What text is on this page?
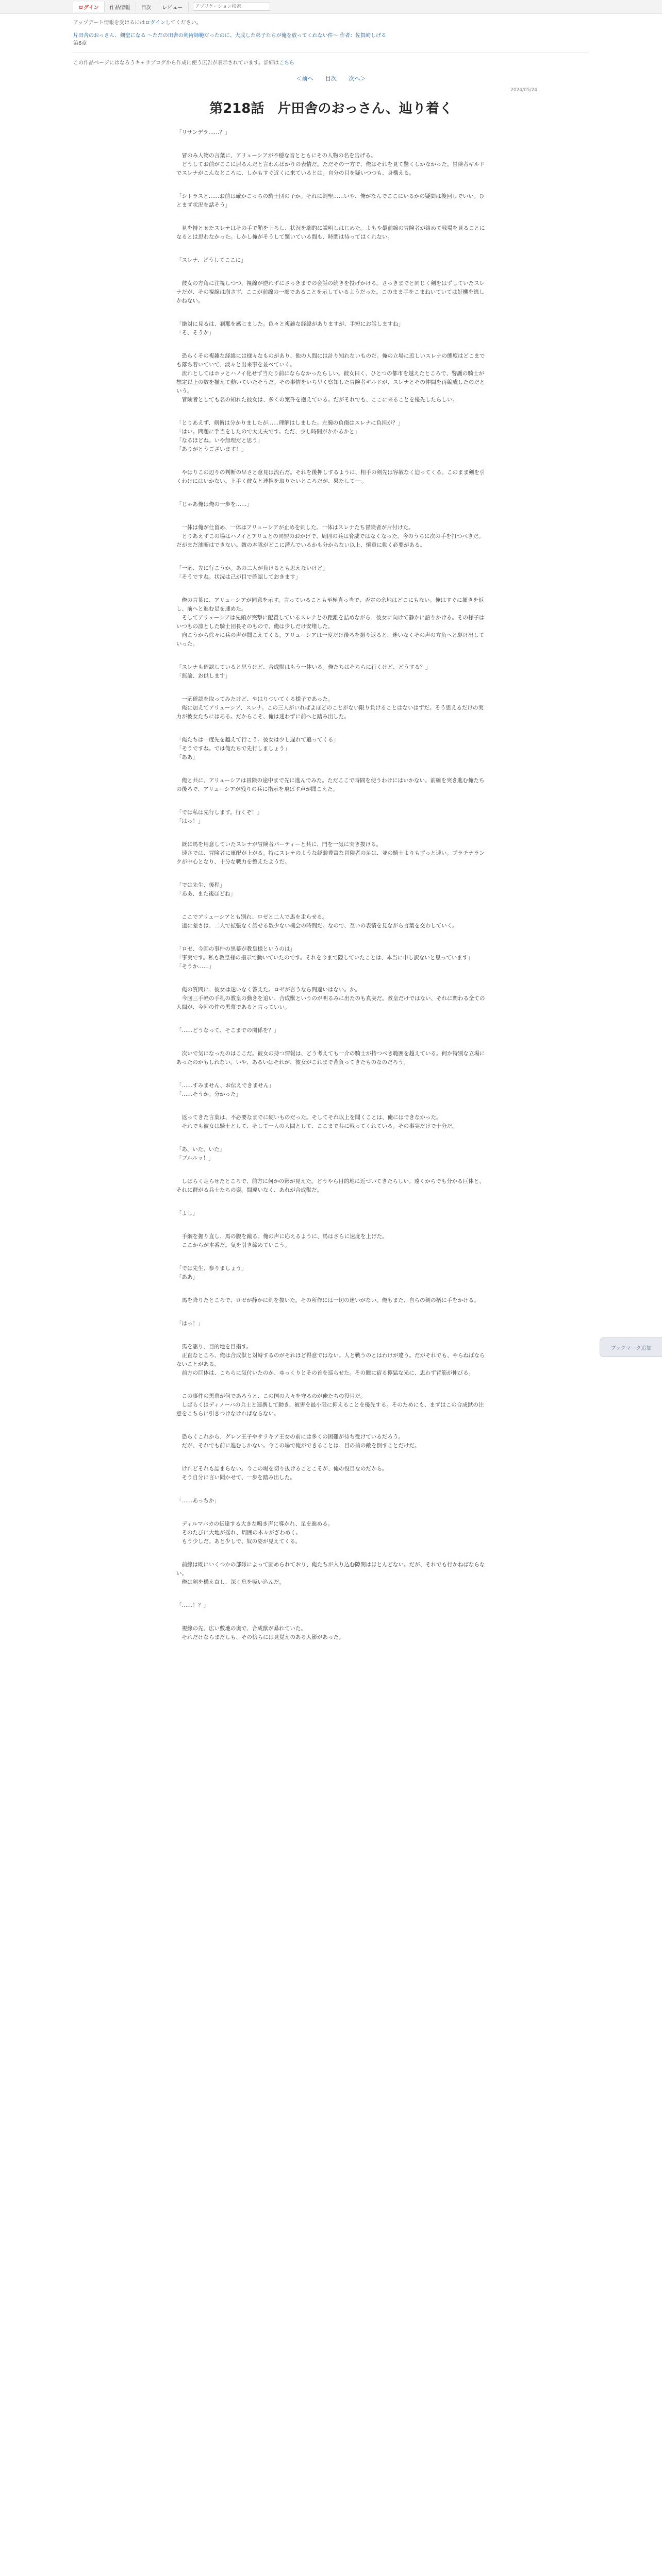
ログイン	作品情報	目次	レビュー
アプリケーション検索
アップデート情報を受けるにはログインしてください。
片田舎のおっさん、剣聖になる ～ただの田舎の剣術師範だったのに、大成した弟子たちが俺を放ってくれない件～ 作者：佐賀崎しげる
第6章
この作品ページにはなろうキャラブログから作成に使う広告が表示されています。詳細はこちら
＜前へ 目次 次へ＞
2024/05/24
第218話　片田舎のおっさん、辿り着く

「リサンデラ……？」

　冒のみ人物の言葉に、アリューシアが不穏な音とともにその人物の名を告げる。
　どうしてお前がここに居るんだと言わんばかりの表情だ。ただその一方で、俺はそれを見て驚くしかなかった。冒険者ギルドでスレナがこんなところに、しかもすぐ近くに来ているとは。自分の目を疑いつつも、身構える。

「シトラスと……お前は確かこっちの騎士団の子か。それに剣聖……いや、俺がなんでここにいるかの疑問は後回しでいい。ひとまず状況を話そう」

　見を持とせたスレナはその手で鞘を下ろし、状況を端的に説明しはじめた。よもや最前線の冒険者が絡めて戦場を見ることになるとは思わなかった。しかし俺がそうして驚いている間も、時間は待ってはくれない。

「スレナ、どうしてここに」

　彼女の方角に注視しつつ、視線が逆れずにさっきまでの会話の続きを投げかける。さっきまでと同じく剣をはずしていたスレナだが、その視線は崩さず、ここが前線の一部であることを示しているようだった。このまま手をこまねいていては好機を逃しかねない。

「絶対に見るは、刹那を感じました。色々と複雑な経緯がありますが、手短にお話しますね」
「そ、そうか」

　恐らくその複雑な経緯には様々なものがあり、他の人間には計り知れないものだ。俺の立場に近しいスレナの態度はどこまでも落ち着いていて、淡々と出来事を並べていく。
　流れとしてはホッとハノイ化せず当たり前にならなかったらしい。彼女曰く、ひとつの都市を越えたところで、警護の騎士が想定以上の数を揃えて動いていたそうだ。その事情をいち早く察知した冒険者ギルドが、スレナとその仲間を再編成したのだという。
　冒険者としても名の知れた彼女は、多くの案件を抱えている。だがそれでも、ここに来ることを優先したらしい。

「とりあえず、剣術は分かりましたが……理解はしました。左腕の負傷はスレナに負担が？」
「はい。問題に手当をしたので大丈夫です。ただ、少し時間がかかるかと」
「なるほどね。いや無理だと思う」
「ありがとうございます！」

　やはりこの辺りの判断の早さと意見は流石だ。それを後押しするように、相手の剣先は容赦なく迫ってくる。このまま剣を引くわけにはいかない。上手く彼女と連携を取りたいところだが、果たして──。

「じゃあ俺は俺の一歩を……」

　一体は俺が仕留め、一体はアリューシアが止めを刺した。一体はスレナたち冒険者が片付けた。
　とりあえずこの場はハノイとアリュとの同盟のおかげで、周囲の兵は脅威ではなくなった。今のうちに次の手を打つべきだ。だがまだ油断はできない。敵の本隊がどこに潜んでいるかも分からない以上、慎重に動く必要がある。

「一応、先に行こうか。あの二人が負けるとも思えないけど」
「そうですね。状況は己が目で確認しておきます」

　俺の言葉に、アリューシアが同意を示す。言っていることも至極真っ当で、否定の余地はどこにもない。俺はすぐに頷きを返し、前へと進む足を速めた。
　そしてアリューシアは先頭が突撃に配置しているスレナとの距離を詰めながら、彼女に向けて静かに語りかける。その様子はいつもの凛とした騎士団長そのもので、俺は少しだけ安堵した。
　向こうから徐々に兵の声が聞こえてくる。アリューシアは一度だけ後ろを振り返ると、迷いなくその声の方角へと駆け出していった。

「スレナも確認していると思うけど、合成獣はもう一体いる。俺たちはそちらに行くけど、どうする？」
「無論、お供します」

　一応確認を取ってみたけど、やはりついてくる様子であった。
　俺に加えてアリューシア、スレナ。この三人がいればよほどのことがない限り負けることはないはずだ。そう思えるだけの実力が彼女たちにはある。だからこそ、俺は迷わずに前へと踏み出した。

「俺たちは一度先を越えて行こう。彼女は少し遅れて追ってくる」
「そうですね。では俺たちで先行しましょう」
「ああ」

　俺と共に、アリューシアは冒険の途中まで先に進んでみた。ただここで時間を使うわけにはいかない。前線を突き進む俺たちの後ろで、アリューシアが残りの兵に指示を飛ばす声が聞こえた。

「では私は先行します。行くぞ！」
「はっ！」

　既に馬を用意していたスレナが冒険者パーティーと共に、門を一気に突き抜ける。
　速さでは、冒険者に軍配が上がる。特にスレナのような経験豊富な冒険者の足は、並の騎士よりもずっと速い。プラチナランクが中心となり、十分な戦力を整えたようだ。

「では先生、後程」
「ああ、また後ほどね」

　ここでアリューシアとも別れ、ロゼと二人で馬を走らせる。
　道に差さは、二人で拡張なく話せる数少ない機会の時間だ。なので、互いの表情を見ながら言葉を交わしていく。

「ロゼ、今回の事件の黒幕が教皇様というのは」
「事実です。私も教皇様の指示で動いていたのです。それを今まで隠していたことは、本当に申し訳ないと思っています」
「そうか……」

　俺の質問に、彼女は迷いなく答えた。ロゼが言うなら間違いはない。か。
　今回三手軽の手札の教皇の動きを追い、合成獣というのが明るみに出たのも真実だ。教皇だけではない、それに関わる全ての人間が、今回の件の黒幕であると言っていい。

「……どうなって、そこまでの関係を？」

　次いで気になったのはここだ。彼女の持つ情報は、どう考えても一介の騎士が持つべき範囲を超えている。何か特別な立場にあったのかもしれない。いや、あるいはそれが、彼女がこれまで背負ってきたものなのだろう。

「……すみません、お伝えできません」
「……そうか。分かった」

　返ってきた言葉は、不必要なまでに硬いものだった。そしてそれ以上を聞くことは、俺にはできなかった。
　それでも彼女は騎士として、そして一人の人間として、ここまで共に戦ってくれている。その事実だけで十分だ。

「あ、いた、いた」
「ブルルッ！」

　しばらく走らせたところで、前方に何かの影が見えた。どうやら目的地に近づいてきたらしい。遠くからでも分かる巨体と、それに群がる兵士たちの姿。間違いなく、あれが合成獣だ。

「よし」

　手綱を握り直し、馬の腹を蹴る。俺の声に応えるように、馬はさらに速度を上げた。
　ここからが本番だ。気を引き締めていこう。

「では先生、参りましょう」
「ああ」

　馬を降りたところで、ロゼが静かに剣を抜いた。その所作には一切の迷いがない。俺もまた、自らの剣の柄に手をかける。

「はっ！」

　馬を駆り、目的地を目指す。
　正直なところ、俺は合成獣と対峙するのがそれほど得意ではない。人と戦うのとはわけが違う。だがそれでも、やらねばならないことがある。
　前方の巨体は、こちらに気付いたのか、ゆっくりとその首を巡らせた。その瞳に宿る獰猛な光に、思わず背筋が伸びる。

　この事件の黒幕が何であろうと、この国の人々を守るのが俺たちの役目だ。
　しばらくはディノーバの兵士と連携して動き、被害を最小限に抑えることを優先する。そのためにも、まずはこの合成獣の注意をこちらに引きつけなければならない。

　恐らくこれから、グレン王子やサラキア王女の前には多くの困難が待ち受けているだろう。
　だが、それでも前に進むしかない。今この場で俺ができることは、目の前の敵を倒すことだけだ。

　けれどそれも詰まらない。今この場を切り抜けることこそが、俺の役目なのだから。
　そう自分に言い聞かせて、一歩を踏み出した。

「……あっちか」

　ディルマバカの伝達する大きな鳴き声に導かれ、足を進める。
　そのたびに大地が揺れ、周囲の木々がざわめく。
　もう少しだ。あと少しで、奴の姿が見えてくる。

　前線は既にいくつかの部隊によって固められており、俺たちが入り込む隙間はほとんどない。だが、それでも行かねばならない。
　俺は剣を構え直し、深く息を吸い込んだ。

「……！？」

　視線の先、広い敷地の奥で、合成獣が暴れていた。
　それだけならまだしも、その傍らには見覚えのある人影があった。

ブックマーク追加
